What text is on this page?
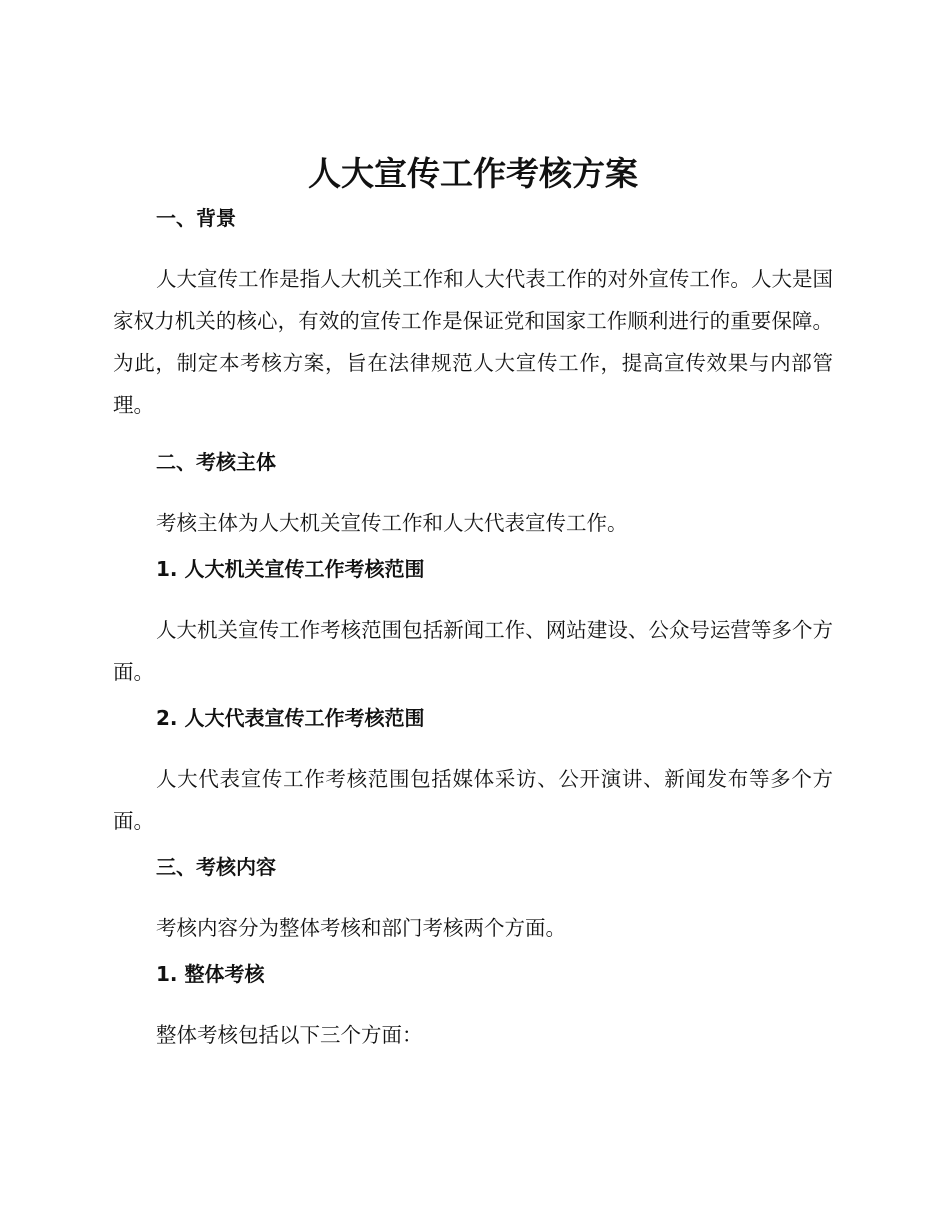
人大宣传工作考核方案
一、背景

人大宣传工作是指人大机关工作和人大代表工作的对外宣传工作。人大是国家权力机关的核心，有效的宣传工作是保证党和国家工作顺利进行的重要保障。为此，制定本考核方案，旨在法律规范人大宣传工作，提高宣传效果与内部管理。

二、考核主体

考核主体为人大机关宣传工作和人大代表宣传工作。

1. 人大机关宣传工作考核范围

人大机关宣传工作考核范围包括新闻工作、网站建设、公众号运营等多个方面。

2. 人大代表宣传工作考核范围

人大代表宣传工作考核范围包括媒体采访、公开演讲、新闻发布等多个方面。

三、考核内容

考核内容分为整体考核和部门考核两个方面。

1. 整体考核

整体考核包括以下三个方面：
